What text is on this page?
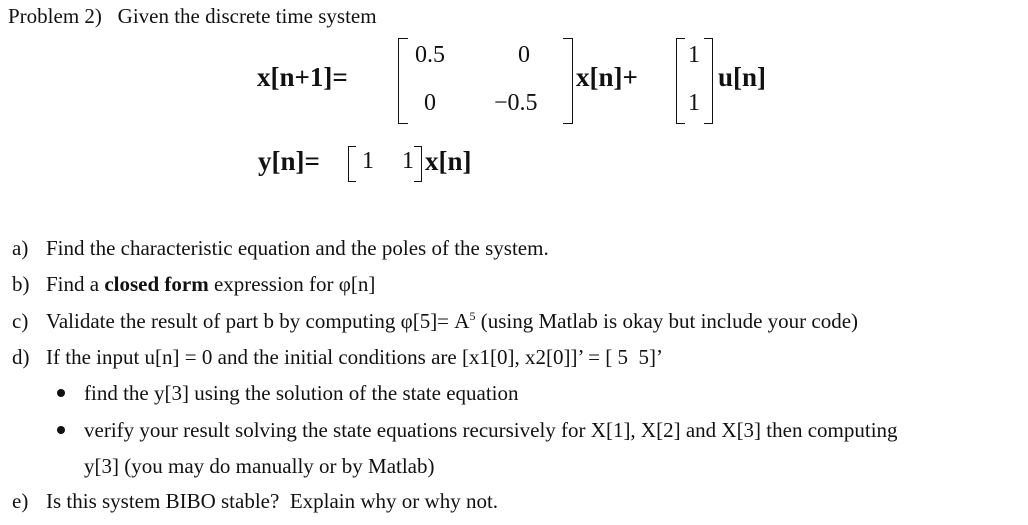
Problem 2) Given the discrete time system
x[n+1]=
0.5	0
0 −0.5
x[n]+
1
1
u[n]
y[n]= 1 1 x[n]
a) Find the characteristic equation and the poles of the system.
b) Find a closed form expression for φ[n]
c) Validate the result of part b by computing $\varphi[5]= A^5$ (using Matlab is okay but include your code)
d) If the input u[n] = 0 and the initial conditions are [x1[0], x2[0]]’ = [ 5  5]’
find the y[3] using the solution of the state equation
verify your result solving the state equations recursively for X[1], X[2] and X[3] then computing
y[3] (you may do manually or by Matlab)
e) Is this system BIBO stable?  Explain why or why not.
